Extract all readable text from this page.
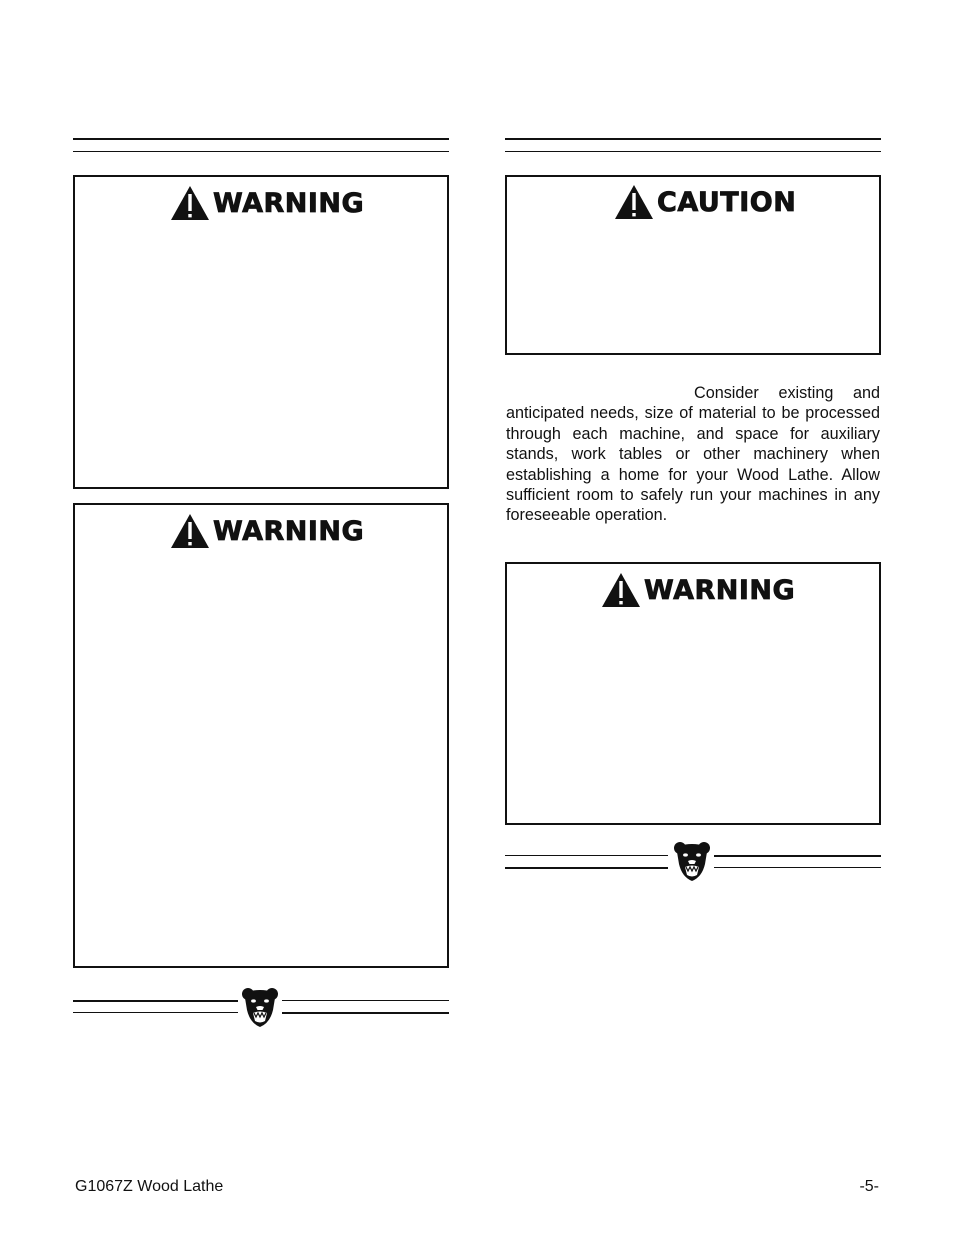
WARNING
WARNING
CAUTION

Consider existing and anticipated needs, size of material to be processed through each machine, and space for auxiliary stands, work tables or other machinery when establishing a home for your Wood Lathe. Allow sufficient room to safely run your machines in any foreseeable operation.

WARNING
G1067Z Wood Lathe	-5-
